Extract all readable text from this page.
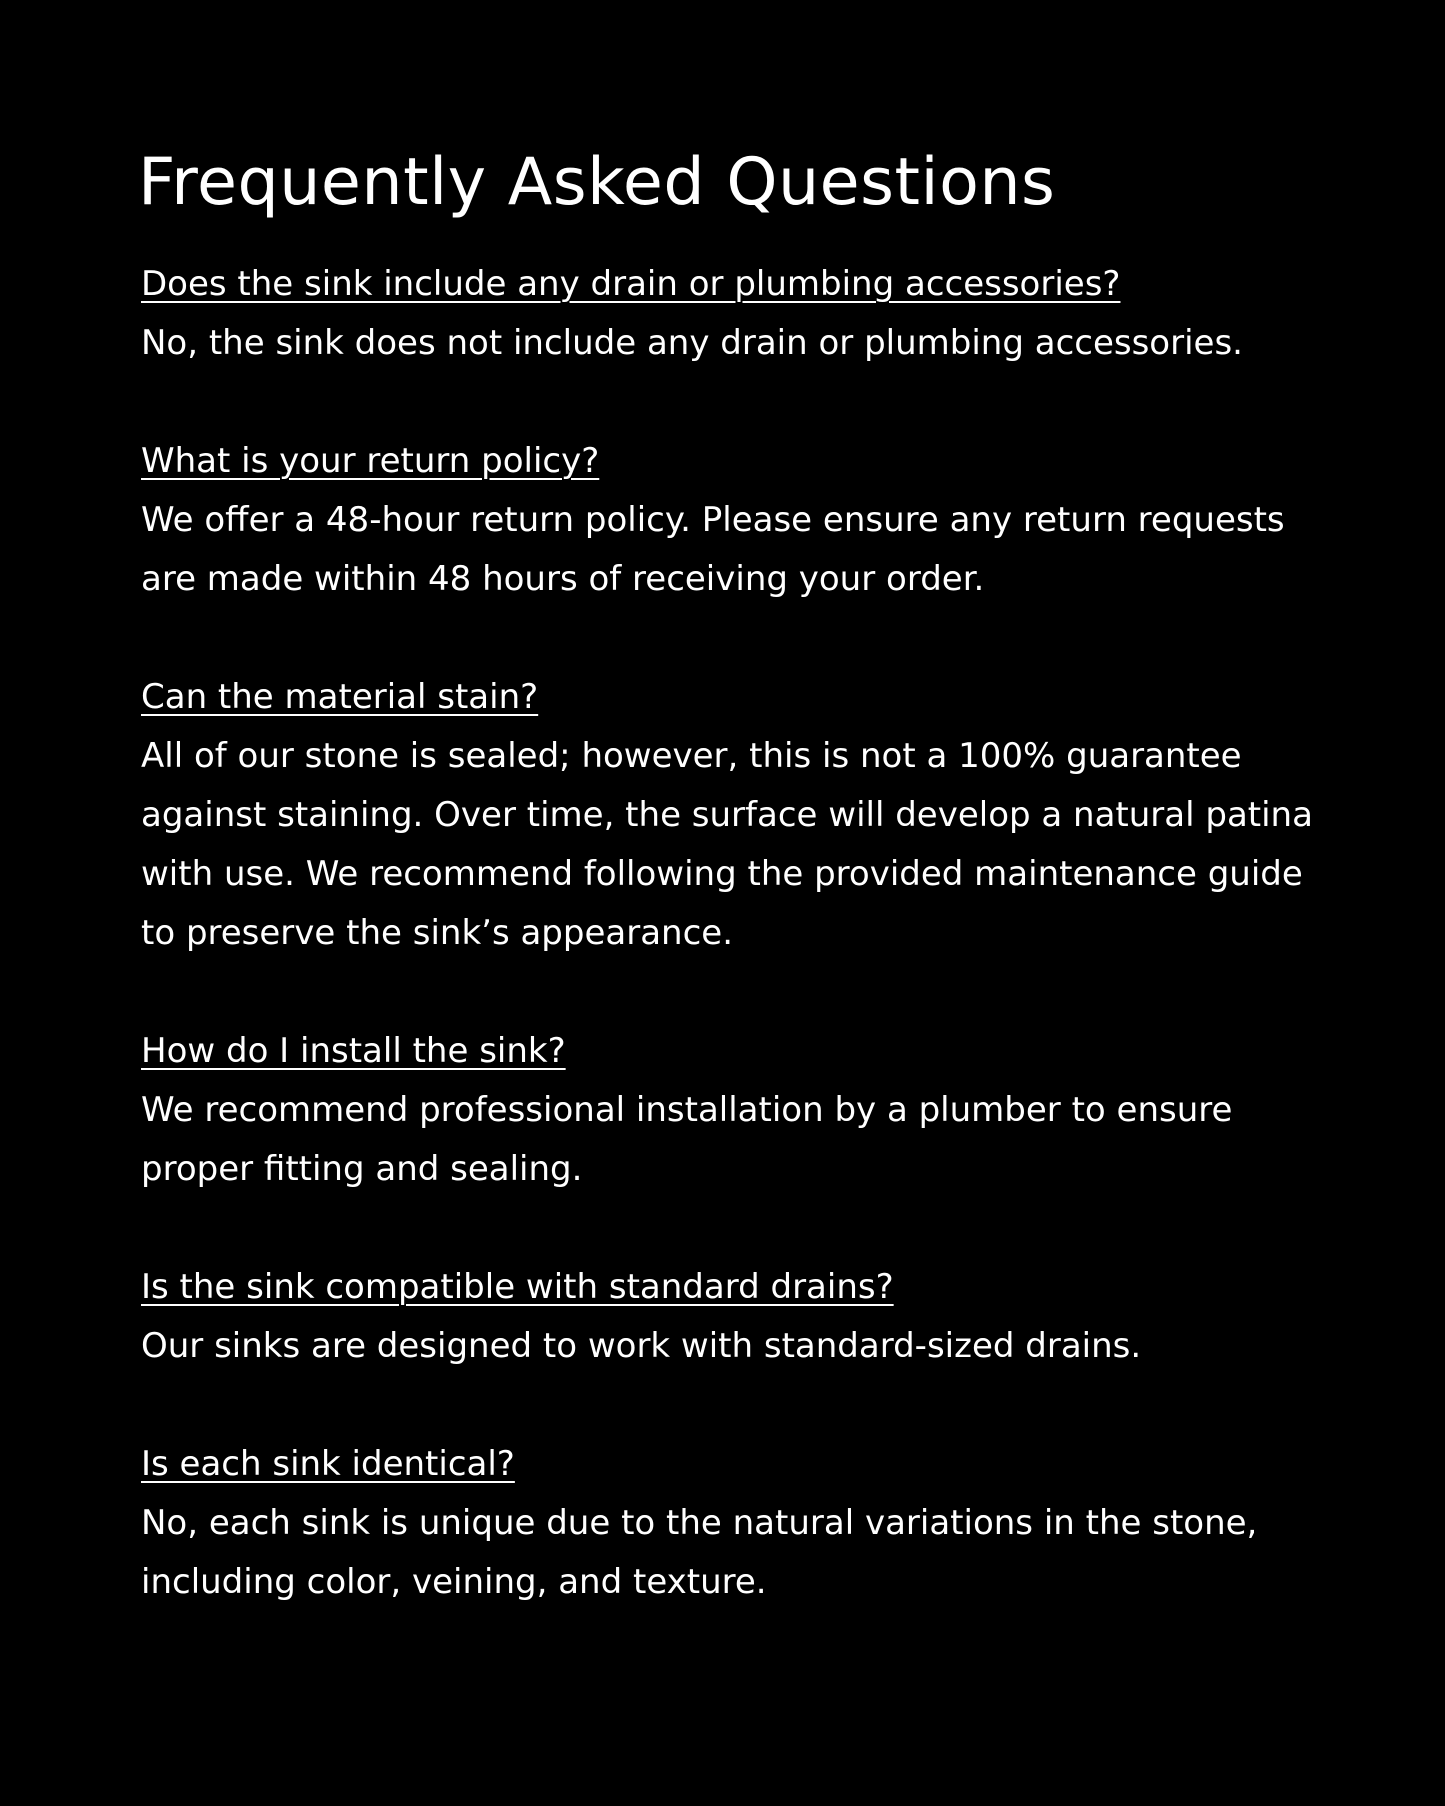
Frequently Asked Questions
Does the sink include any drain or plumbing accessories?

No, the sink does not include any drain or plumbing accessories.

What is your return policy?

We offer a 48-hour return policy. Please ensure any return requests are made within 48 hours of receiving your order.

Can the material stain?

All of our stone is sealed; however, this is not a 100% guarantee against staining. Over time, the surface will develop a natural patina with use. We recommend following the provided maintenance guide to preserve the sink’s appearance.

How do I install the sink?

We recommend professional installation by a plumber to ensure proper fitting and sealing.

Is the sink compatible with standard drains?

Our sinks are designed to work with standard-sized drains.

Is each sink identical?

No, each sink is unique due to the natural variations in the stone, including color, veining, and texture.
